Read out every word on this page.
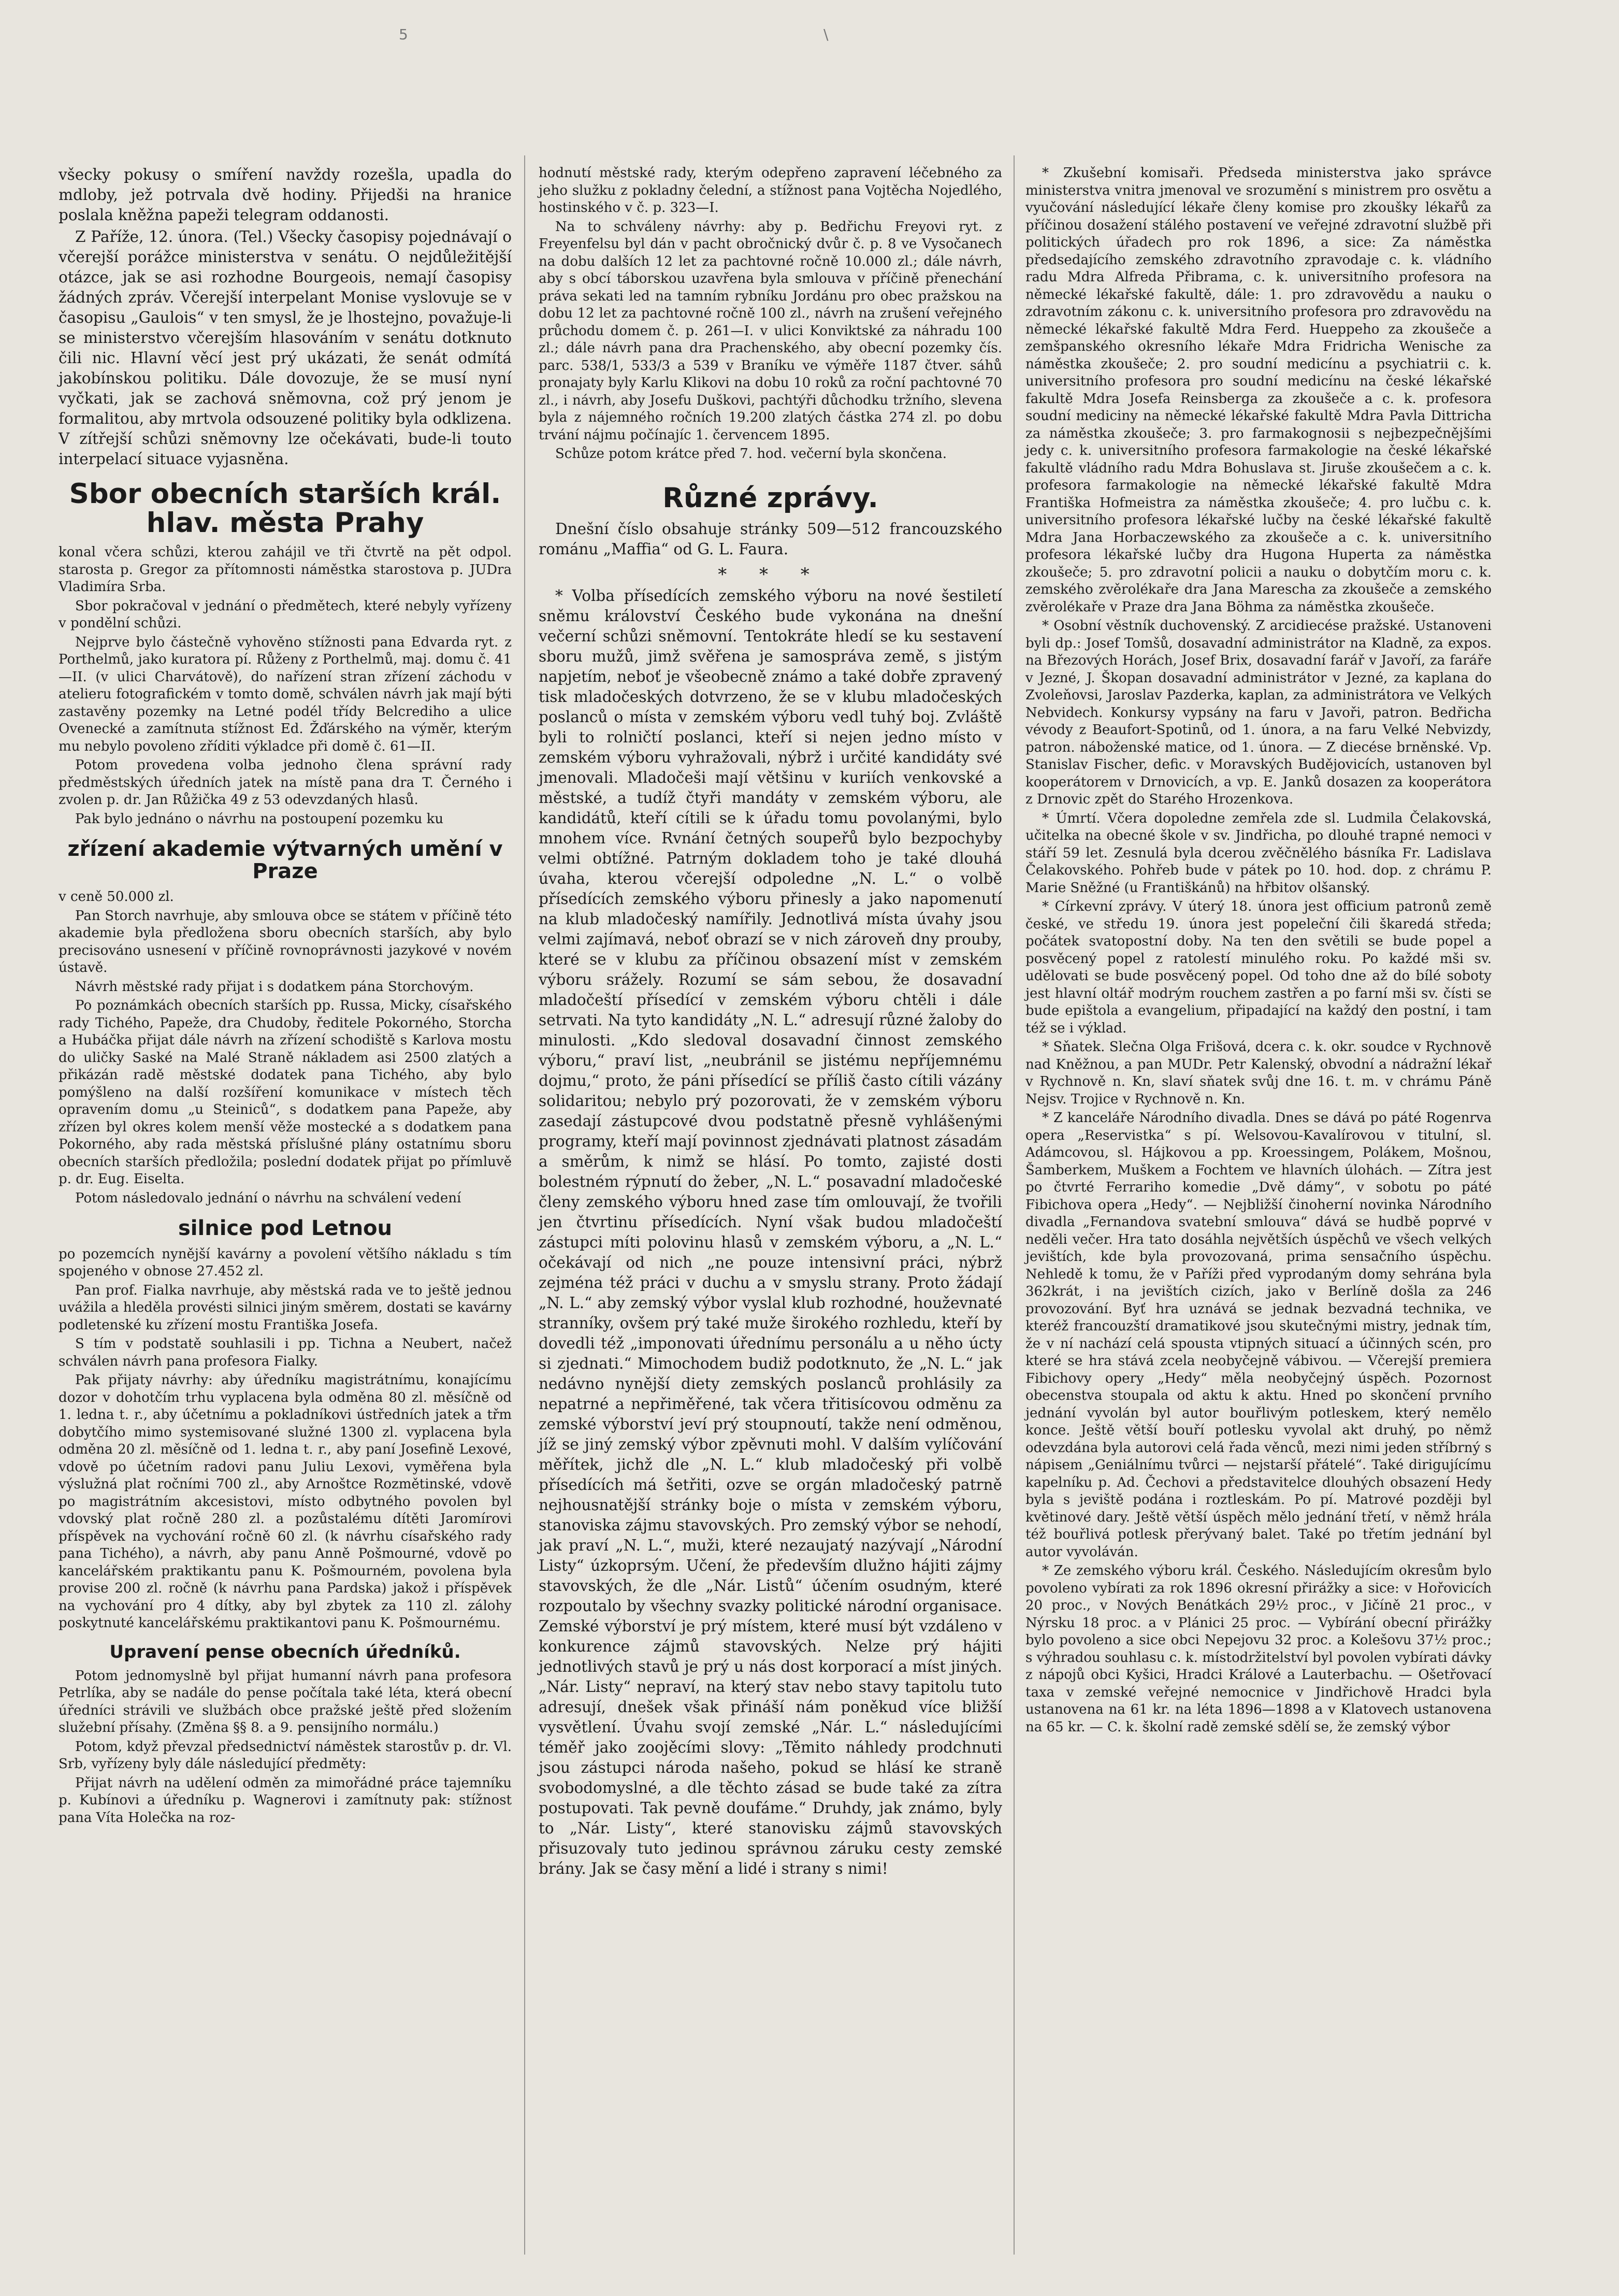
5	\

všecky pokusy o smíření navždy rozešla, upadla do mdloby, jež potrvala dvě hodiny. Přijedši na hranice poslala kněžna papeži telegram oddanosti.

Z Paříže, 12. února. (Tel.) Všecky časopisy pojednávají o včerejší porážce ministerstva v senátu. O nejdůležitější otázce, jak se asi rozhodne Bourgeois, nemají časopisy žádných zpráv. Včerejší interpelant Monise vyslovuje se v časopisu „Gaulois“ v ten smysl, že je lhostejno, považuje-li se ministerstvo včerejším hlasováním v senátu dotknuto čili nic. Hlavní věcí jest prý ukázati, že senát odmítá jakobínskou politiku. Dále dovozuje, že se musí nyní vyčkati, jak se zachová sněmovna, což prý jenom je formalitou, aby mrtvola odsouzené politiky byla odklizena. V zítřejší schůzi sněmovny lze očekávati, bude-li touto interpelací situace vyjasněna.

Sbor obecních starších král. hlav. města Prahy

konal včera schůzi, kterou zahájil ve tři čtvrtě na pět odpol. starosta p. Gregor za přítomnosti náměstka starostova p. JUDra Vladimíra Srba.

Sbor pokračoval v jednání o předmětech, které nebyly vyřízeny v pondělní schůzi.

Nejprve bylo částečně vyhověno stížnosti pana Edvarda ryt. z Porthelmů, jako kuratora pí. Růženy z Porthelmů, maj. domu č. 41—II. (v ulici Charvátově), do nařízení stran zřízení záchodu v atelieru fotografickém v tomto domě, schválen návrh jak mají býti zastavěny pozemky na Letné podél třídy Belcrediho a ulice Ovenecké a zamítnuta stížnost Ed. Žďárského na výměr, kterým mu nebylo povoleno zříditi výkladce při domě č. 61—II.

Potom provedena volba jednoho člena správní rady předměstských úředních jatek na místě pana dra T. Černého i zvolen p. dr. Jan Růžička 49 z 53 odevzdaných hlasů.

Pak bylo jednáno o návrhu na postoupení pozemku ku

zřízení akademie výtvarných umění v Praze

v ceně 50.000 zl.

Pan Storch navrhuje, aby smlouva obce se státem v příčině této akademie byla předložena sboru obecních starších, aby bylo precisováno usnesení v příčině rovnoprávnosti jazykové v novém ústavě.

Návrh městské rady přijat i s dodatkem pána Storchovým.

Po poznámkách obecních starších pp. Russa, Micky, císařského rady Tichého, Papeže, dra Chudoby, ředitele Pokorného, Storcha a Hubáčka přijat dále návrh na zřízení schodiště s Karlova mostu do uličky Saské na Malé Straně nákladem asi 2500 zlatých a přikázán radě městské dodatek pana Tichého, aby bylo pomýšleno na další rozšíření komunikace v místech těch opravením domu „u Steiniců“, s dodatkem pana Papeže, aby zřízen byl okres kolem menší věže mostecké a s dodatkem pana Pokorného, aby rada městská příslušné plány ostatnímu sboru obecních starších předložila; poslední dodatek přijat po přímluvě p. dr. Eug. Eiselta.

Potom následovalo jednání o návrhu na schválení vedení

silnice pod Letnou

po pozemcích nynější kavárny a povolení většího nákladu s tím spojeného v obnose 27.452 zl.

Pan prof. Fialka navrhuje, aby městská rada ve to ještě jednou uvážila a hleděla provésti silnici jiným směrem, dostati se kavárny podletenské ku zřízení mostu Františka Josefa.

S tím v podstatě souhlasili i pp. Tichna a Neubert, načež schválen návrh pana profesora Fialky.

Pak přijaty návrhy: aby úředníku magistrátnímu, konajícímu dozor v dohotčím trhu vyplacena byla odměna 80 zl. měsíčně od 1. ledna t. r., aby účetnímu a pokladníkovi ústředních jatek a třm dobytčího mimo systemisované služné 1300 zl. vyplacena byla odměna 20 zl. měsíčně od 1. ledna t. r., aby paní Josefině Lexové, vdově po účetním radovi panu Juliu Lexovi, vyměřena byla výslužná plat ročními 700 zl., aby Arnoštce Rozmětinské, vdově po magistrátním akcesistovi, místo odbytného povolen byl vdovský plat ročně 280 zl. a pozůstalému dítěti Jaromírovi příspěvek na vychování ročně 60 zl. (k návrhu císařského rady pana Tichého), a návrh, aby panu Anně Pošmourné, vdově po kancelářském praktikantu panu K. Pošmourném, povolena byla provise 200 zl. ročně (k návrhu pana Pardska) jakož i příspěvek na vychování pro 4 dítky, aby byl zbytek za 110 zl. zálohy poskytnuté kancelářskému praktikantovi panu K. Pošmournému.

Upravení pense obecních úředníků.

Potom jednomyslně byl přijat humanní návrh pana profesora Petrlíka, aby se nadále do pense počítala také léta, která obecní úředníci strávili ve službách obce pražské ještě před složením služební přísahy. (Změna §§ 8. a 9. pensijního normálu.)

Potom, když převzal předsednictví náměstek starostův p. dr. Vl. Srb, vyřízeny byly dále následující předměty:

Přijat návrh na udělení odměn za mimořádné práce tajemníku p. Kubínovi a úředníku p. Wagnerovi i zamítnuty pak: stížnost pana Víta Holečka na roz-

hodnutí městské rady, kterým odepřeno zapravení léčebného za jeho služku z pokladny čelední, a stížnost pana Vojtěcha Nojedlého, hostinského v č. p. 323—I.

Na to schváleny návrhy: aby p. Bedřichu Freyovi ryt. z Freyenfelsu byl dán v pacht obročnický dvůr č. p. 8 ve Vysočanech na dobu dalších 12 let za pachtovné ročně 10.000 zl.; dále návrh, aby s obcí táborskou uzavřena byla smlouva v příčině přenechání práva sekati led na tamním rybníku Jordánu pro obec pražskou na dobu 12 let za pachtovné ročně 100 zl., návrh na zrušení veřejného průchodu domem č. p. 261—I. v ulici Konviktské za náhradu 100 zl.; dále návrh pana dra Prachenského, aby obecní pozemky čís. parc. 538/1, 533/3 a 539 v Braníku ve výměře 1187 čtver. sáhů pronajaty byly Karlu Klikovi na dobu 10 roků za roční pachtovné 70 zl., i návrh, aby Josefu Duškovi, pachtýři důchodku tržního, slevena byla z nájemného ročních 19.200 zlatých částka 274 zl. po dobu trvání nájmu počínajíc 1. červencem 1895.

Schůze potom krátce před 7. hod. večerní byla skončena.

Různé zprávy.

Dnešní číslo obsahuje stránky 509—512 francouzského románu „Maffia“ od G. L. Faura.

* * *

* Volba přísedících zemského výboru na nové šestiletí sněmu království Českého bude vykonána na dnešní večerní schůzi sněmovní. Tentokráte hledí se ku sestavení sboru mužů, jimž svěřena je samospráva země, s jistým napjetím, neboť je všeobecně známo a také dobře zpravený tisk mladočeských dotvrzeno, že se v klubu mladočeských poslanců o místa v zemském výboru vedl tuhý boj. Zvláště byli to rolničtí poslanci, kteří si nejen jedno místo v zemském výboru vyhražovali, nýbrž i určité kandidáty své jmenovali. Mladočeši mají většinu v kuriích venkovské a městské, a tudíž čtyři mandáty v zemském výboru, ale kandidátů, kteří cítili se k úřadu tomu povolanými, bylo mnohem více. Rvnání četných soupeřů bylo bezpochyby velmi obtížné. Patrným dokladem toho je také dlouhá úvaha, kterou včerejší odpoledne „N. L.“ o volbě přísedících zemského výboru přinesly a jako napomenutí na klub mladočeský namířily. Jednotlivá místa úvahy jsou velmi zajímavá, neboť obrazí se v nich zároveň dny prouby, které se v klubu za příčinou obsazení míst v zemském výboru srážely. Rozumí se sám sebou, že dosavadní mladočeští přísedící v zemském výboru chtěli i dále setrvati. Na tyto kandidáty „N. L.“ adresují různé žaloby do minulosti. „Kdo sledoval dosavadní činnost zemského výboru,“ praví list, „neubránil se jistému nepříjemnému dojmu,“ proto, že páni přísedící se příliš často cítili vázány solidaritou; nebylo prý pozorovati, že v zemském výboru zasedají zástupcové dvou podstatně přesně vyhlášenými programy, kteří mají povinnost zjednávati platnost zásadám a směrům, k nimž se hlásí. Po tomto, zajisté dosti bolestném rýpnutí do žeber, „N. L.“ posavadní mladočeské členy zemského výboru hned zase tím omlouvají, že tvořili jen čtvrtinu přísedících. Nyní však budou mladočeští zástupci míti polovinu hlasů v zemském výboru, a „N. L.“ očekávají od nich „ne pouze intensivní práci, nýbrž zejména též práci v duchu a v smyslu strany. Proto žádají „N. L.“ aby zemský výbor vyslal klub rozhodné, houževnaté stranníky, ovšem prý také muže širokého rozhledu, kteří by dovedli též „imponovati úřednímu personálu a u něho úcty si zjednati.“ Mimochodem budiž podotknuto, že „N. L.“ jak nedávno nynější diety zemských poslanců prohlásily za nepatrné a nepřiměřené, tak včera třitisícovou odměnu za zemské výborství jeví prý stoupnoutí, takže není odměnou, jíž se jiný zemský výbor zpěvnuti mohl. V dalším vylíčování měřítek, jichž dle „N. L.“ klub mladočeský při volbě přísedících má šetřiti, ozve se orgán mladočeský patrně nejhousnatější stránky boje o místa v zemském výboru, stanoviska zájmu stavovských. Pro zemský výbor se nehodí, jak praví „N. L.“, muži, které nezaujatý nazývají „Národní Listy“ úzkoprsým. Učení, že především dlužno hájiti zájmy stavovských, že dle „Nár. Listů“ účením osudným, které rozpoutalo by všechny svazky politické národní organisace. Zemské výborství je prý místem, které musí být vzdáleno v konkurence zájmů stavovských. Nelze prý hájiti jednotlivých stavů je prý u nás dost korporací a míst jiných. „Nár. Listy“ nepraví, na který stav nebo stavy tapitolu tuto adresují, dnešek však přináší nám poněkud více bližší vysvětlení. Úvahu svojí zemské „Nár. L.“ následujícími téměř jako zoojěcími slovy: „Těmito náhledy prodchnuti jsou zástupci národa našeho, pokud se hlásí ke straně svobodomyslné, a dle těchto zásad se bude také za zítra postupovati. Tak pevně doufáme.“ Druhdy, jak známo, byly to „Nár. Listy“, které stanovisku zájmů stavovských přisuzovaly tuto jedinou správnou záruku cesty zemské brány. Jak se časy mění a lidé i strany s nimi!

* Zkušební komisaři. Předseda ministerstva jako správce ministerstva vnitra jmenoval ve srozumění s ministrem pro osvětu a vyučování následující lékaře členy komise pro zkoušky lékařů za příčinou dosažení stálého postavení ve veřejné zdravotní službě při politických úřadech pro rok 1896, a sice: Za náměstka předsedajícího zemského zdravotního zpravodaje c. k. vládního radu Mdra Alfreda Přibrama, c. k. universitního profesora na německé lékařské fakultě, dále: 1. pro zdravovědu a nauku o zdravotním zákonu c. k. universitního profesora pro zdravovědu na německé lékařské fakultě Mdra Ferd. Hueppeho za zkoušeče a zemšpanského okresního lékaře Mdra Fridricha Wenische za náměstka zkoušeče; 2. pro soudní medicínu a psychiatrii c. k. universitního profesora pro soudní medicínu na české lékařské fakultě Mdra Josefa Reinsberga za zkoušeče a c. k. profesora soudní mediciny na německé lékařské fakultě Mdra Pavla Dittricha za náměstka zkoušeče; 3. pro farmakognosii s nejbezpečnějšími jedy c. k. universitního profesora farmakologie na české lékařské fakultě vládního radu Mdra Bohuslava st. Jiruše zkoušečem a c. k. profesora farmakologie na německé lékařské fakultě Mdra Františka Hofmeistra za náměstka zkoušeče; 4. pro lučbu c. k. universitního profesora lékařské lučby na české lékařské fakultě Mdra Jana Horbaczewského za zkoušeče a c. k. universitního profesora lékařské lučby dra Hugona Huperta za náměstka zkoušeče; 5. pro zdravotní policii a nauku o dobytčím moru c. k. zemského zvěrolékaře dra Jana Mareschа za zkoušeče a zemského zvěrolékaře v Praze dra Jana Böhma za náměstka zkoušeče.

* Osobní věstník duchovenský. Z arcidiecése pražské. Ustanoveni byli dp.: Josef Tomšů, dosavadní administrátor na Kladně, za expos. na Březových Horách, Josef Brix, dosavadní farář v Javoří, za faráře v Jezné, J. Škopan dosavadní administrátor v Jezné, za kaplana do Zvoleňovsi, Jaroslav Pazderka, kaplan, za administrátora ve Velkých Nebvidech. Konkursy vypsány na faru v Javoři, patron. Bedřicha vévody z Beaufort-Spotinů, od 1. února, a na faru Velké Nebvizdy, patron. náboženské matice, od 1. února. — Z diecése brněnské. Vp. Stanislav Fischer, defic. v Moravských Budějovicích, ustanoven byl kooperátorem v Drnovicích, a vp. E. Janků dosazen za kooperátora z Drnovic zpět do Starého Hrozenkova.

* Úmrtí. Včera dopoledne zemřela zde sl. Ludmila Čelakovská, učitelka na obecné škole v sv. Jindřicha, po dlouhé trapné nemoci v stáří 59 let. Zesnulá byla dcerou zvěčnělého básníka Fr. Ladislava Čelakovského. Pohřeb bude v pátek po 10. hod. dop. z chrámu P. Marie Sněžné (u Františkánů) na hřbitov olšanský.

* Církevní zprávy. V úterý 18. února jest officium patronů země české, ve středu 19. února jest popeleční čili škaredá středa; počátek svatopostní doby. Na ten den světili se bude popel a posvěcený popel z ratolestí minulého roku. Po každé mši sv. udělovati se bude posvěcený popel. Od toho dne až do bílé soboty jest hlavní oltář modrým rouchem zastřen a po farní mši sv. čísti se bude epištola a evangelium, připadající na každý den postní, i tam též se i výklad.

* Sňatek. Slečna Olga Frišová, dcera c. k. okr. soudce v Rychnově nad Kněžnou, a pan MUDr. Petr Kalenský, obvodní a nádražní lékař v Rychnově n. Kn, slaví sňatek svůj dne 16. t. m. v chrámu Páně Nejsv. Trojice v Rychnově n. Kn.

* Z kanceláře Národního divadla. Dnes se dává po páté Rogenrva opera „Reservistka“ s pí. Welsovou-Kavalírovou v titulní, sl. Adámcovou, sl. Hájkovou a pp. Kroessingem, Polákem, Mošnou, Šamberkem, Muškem a Fochtem ve hlavních úlohách. — Zítra jest po čtvrté Ferrariho komedie „Dvě dámy“, v sobotu po páté Fibichova opera „Hedy“. — Nejbližší činoherní novinka Národního divadla „Fernandova svatební smlouva“ dává se hudbě poprvé v neděli večer. Hra tato dosáhla největších úspěchů ve všech velkých jevištích, kde byla provozovaná, prima sensačního úspěchu. Nehledě k tomu, že v Paříži před vyprodaným domy sehrána byla 362krát, i na jevištích cizích, jako v Berlíně došla za 246 provozování. Byť hra uznává se jednak bezvadná technika, ve kteréž francouzští dramatikové jsou skutečnými mistry, jednak tím, že v ní nachází celá spousta vtipných situací a účinných scén, pro které se hra stává zcela neobyčejně vábivou. — Včerejší premiera Fibichovy opery „Hedy“ měla neobyčejný úspěch. Pozornost obecenstva stoupala od aktu k aktu. Hned po skončení prvního jednání vyvolán byl autor bouřlivým potleskem, který nemělo konce. Ještě větší bouří potlesku vyvolal akt druhý, po němž odevzdána byla autorovi celá řada věnců, mezi nimi jeden stříbrný s nápisem „Geniálnímu tvůrci — nejstarší přátelé“. Také dirigujícímu kapelníku p. Ad. Čechovi a představitelce dlouhých obsazení Hedy byla s jeviště podána i roztleskám. Po pí. Matrové později byl květinové dary. Ještě větší úspěch mělo jednání třetí, v němž hrála též bouřlivá potlesk přerývaný balet. Také po třetím jednání byl autor vyvoláván.

* Ze zemského výboru král. Českého. Následujícím okresům bylo povoleno vybírati za rok 1896 okresní přirážky a sice: v Hořovicích 20 proc., v Nových Benátkách 29½ proc., v Jičíně 21 proc., v Nýrsku 18 proc. a v Plánici 25 proc. — Vybírání obecní přirážky bylo povoleno a sice obci Nepejovu 32 proc. a Kolešovu 37½ proc.; s výhradou souhlasu c. k. místodržitelství byl povolen vybírati dávky z nápojů obci Kyšici, Hradci Králové a Lauterbachu. — Ošetřovací taxa v zemské veřejné nemocnice v Jindřichově Hradci byla ustanovena na 61 kr. na léta 1896—1898 a v Klatovech ustanovena na 65 kr. — C. k. školní radě zemské sdělí se, že zemský výbor
